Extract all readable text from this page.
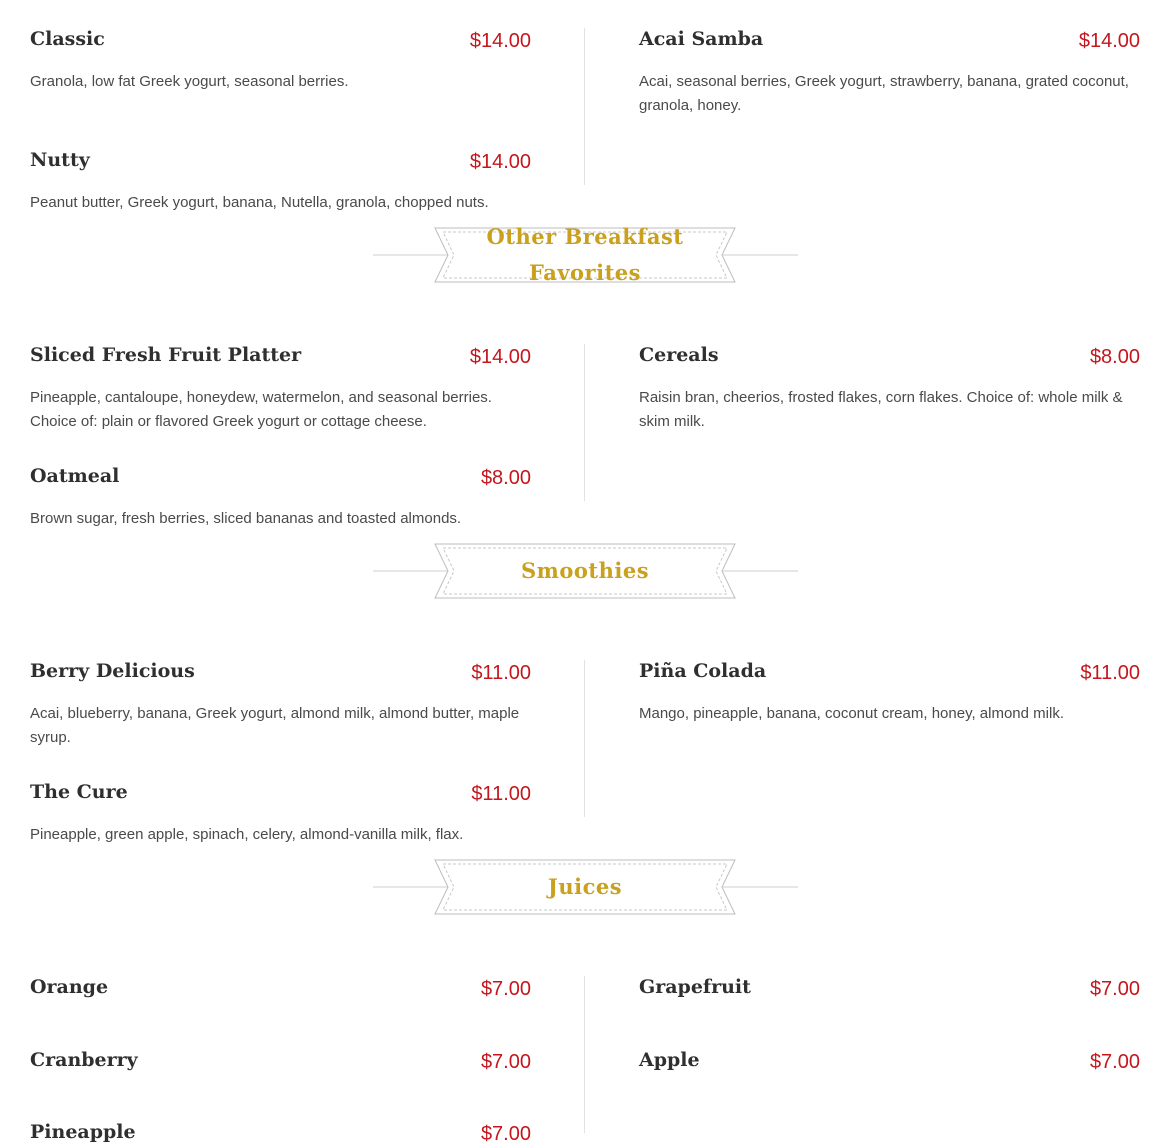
Classic	$14.00
Granola, low fat Greek yogurt, seasonal berries.
Acai Samba	$14.00
Acai, seasonal berries, Greek yogurt, strawberry, banana, grated coconut, granola, honey.
Nutty	$14.00
Peanut butter, Greek yogurt, banana, Nutella, granola, chopped nuts.
Other Breakfast Favorites
Sliced Fresh Fruit Platter	$14.00
Pineapple, cantaloupe, honeydew, watermelon, and seasonal berries. Choice of: plain or flavored Greek yogurt or cottage cheese.
Cereals	$8.00
Raisin bran, cheerios, frosted flakes, corn flakes. Choice of: whole milk & skim milk.
Oatmeal	$8.00
Brown sugar, fresh berries, sliced bananas and toasted almonds.
Smoothies
Berry Delicious	$11.00
Acai, blueberry, banana, Greek yogurt, almond milk, almond butter, maple syrup.
Piña Colada	$11.00
Mango, pineapple, banana, coconut cream, honey, almond milk.
The Cure	$11.00
Pineapple, green apple, spinach, celery, almond-vanilla milk, flax.
Juices
Orange	$7.00	Grapefruit	$7.00
Cranberry	$7.00	Apple	$7.00
Pineapple	$7.00
